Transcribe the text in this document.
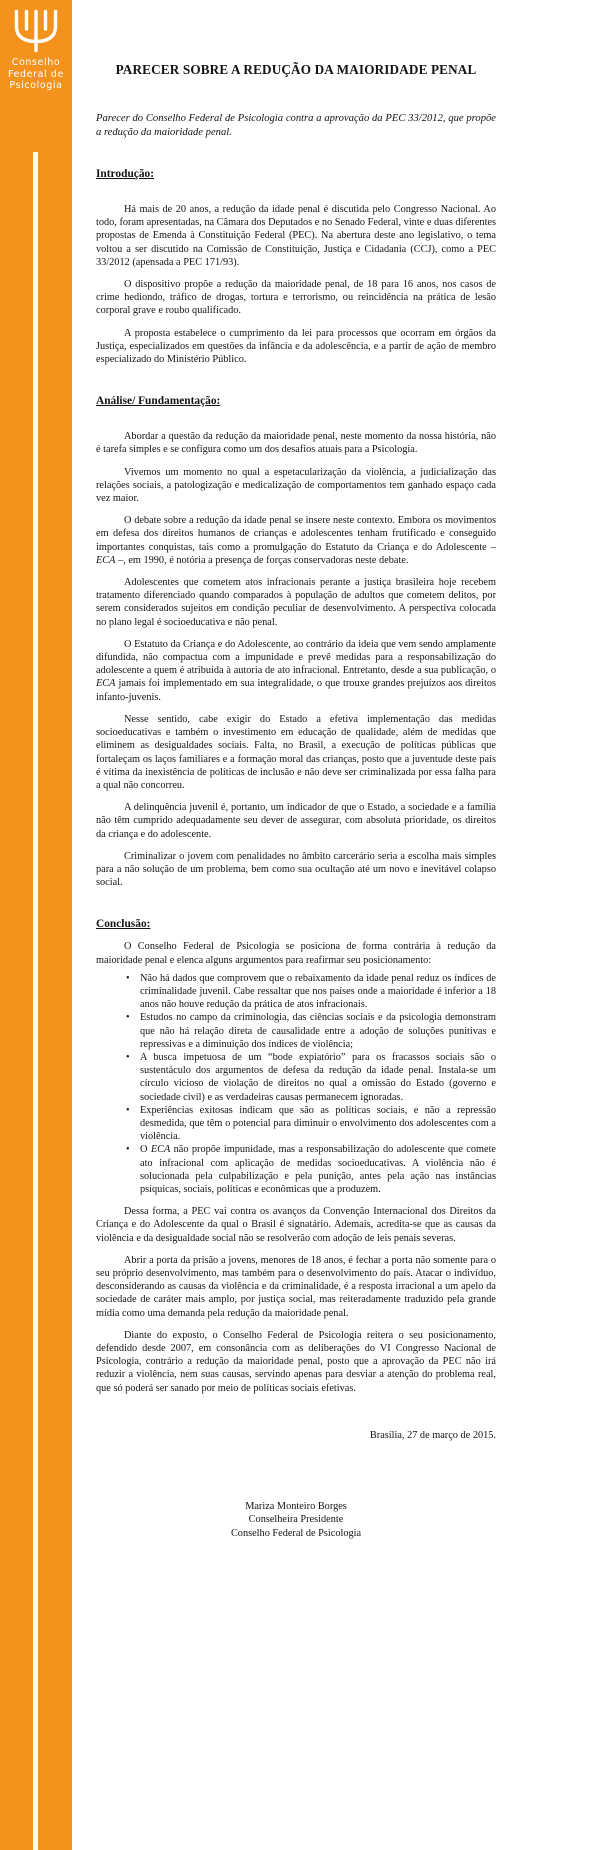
Conselho
Federal de
Psicologia
PARECER SOBRE A REDUÇÃO DA MAIORIDADE PENAL

Parecer do Conselho Federal de Psicologia contra a aprovação da PEC 33/2012, que propõe a redução da maioridade penal.

Introdução:

Há mais de 20 anos, a redução da idade penal é discutida pelo Congresso Nacional. Ao todo, foram apresentadas, na Câmara dos Deputados e no Senado Federal, vinte e duas diferentes propostas de Emenda à Constituição Federal (PEC). Na abertura deste ano legislativo, o tema voltou a ser discutido na Comissão de Constituição, Justiça e Cidadania (CCJ), como a PEC 33/2012 (apensada a PEC 171/93).

O dispositivo propõe a redução da maioridade penal, de 18 para 16 anos, nos casos de crime hediondo, tráfico de drogas, tortura e terrorismo, ou reincidência na prática de lesão corporal grave e roubo qualificado.

A proposta estabelece o cumprimento da lei para processos que ocorram em órgãos da Justiça, especializados em questões da infância e da adolescência, e a partir de ação de membro especializado do Ministério Público.

Análise/ Fundamentação:

Abordar a questão da redução da maioridade penal, neste momento da nossa história, não é tarefa simples e se configura como um dos desafios atuais para a Psicologia.

Vivemos um momento no qual a espetacularização da violência, a judicialização das relações sociais, a patologização e medicalização de comportamentos tem ganhado espaço cada vez maior.

O debate sobre a redução da idade penal se insere neste contexto. Embora os movimentos em defesa dos direitos humanos de crianças e adolescentes tenham frutificado e conseguido importantes conquistas, tais como a promulgação do Estatuto da Criança e do Adolescente – ECA –, em 1990, é notória a presença de forças conservadoras neste debate.

Adolescentes que cometem atos infracionais perante a justiça brasileira hoje recebem tratamento diferenciado quando comparados à população de adultos que cometem delitos, por serem considerados sujeitos em condição peculiar de desenvolvimento. A perspectiva colocada no plano legal é socioeducativa e não penal.

O Estatuto da Criança e do Adolescente, ao contrário da ideia que vem sendo amplamente difundida, não compactua com a impunidade e prevê medidas para a responsabilização do adolescente a quem é atribuída à autoria de ato infracional. Entretanto, desde a sua publicação, o ECA jamais foi implementado em sua integralidade, o que trouxe grandes prejuízos aos direitos infanto-juvenis.

Nesse sentido, cabe exigir do Estado a efetiva implementação das medidas socioeducativas e também o investimento em educação de qualidade, além de medidas que eliminem as desigualdades sociais. Falta, no Brasil, a execução de políticas públicas que fortaleçam os laços familiares e a formação moral das crianças, posto que a juventude deste país é vítima da inexistência de políticas de inclusão e não deve ser criminalizada por essa falha para a qual não concorreu.

A delinquência juvenil é, portanto, um indicador de que o Estado, a sociedade e a família não têm cumprido adequadamente seu dever de assegurar, com absoluta prioridade, os direitos da criança e do adolescente.

Criminalizar o jovem com penalidades no âmbito carcerário seria a escolha mais simples para a não solução de um problema, bem como sua ocultação até um novo e inevitável colapso social.

Conclusão:

O Conselho Federal de Psicologia se posiciona de forma contrária à redução da maioridade penal e elenca alguns argumentos para reafirmar seu posicionamento:

• Não há dados que comprovem que o rebaixamento da idade penal reduz os índices de criminalidade juvenil. Cabe ressaltar que nos países onde a maioridade é inferior a 18 anos não houve redução da prática de atos infracionais.
• Estudos no campo da criminologia, das ciências sociais e da psicologia demonstram que não há relação direta de causalidade entre a adoção de soluções punitivas e repressivas e a diminuição dos índices de violência;
• A busca impetuosa de um “bode expiatório” para os fracassos sociais são o sustentáculo dos argumentos de defesa da redução da idade penal. Instala-se um círculo vicioso de violação de direitos no qual a omissão do Estado (governo e sociedade civil) e as verdadeiras causas permanecem ignoradas.
• Experiências exitosas indicam que são as políticas sociais, e não a repressão desmedida, que têm o potencial para diminuir o envolvimento dos adolescentes com a violência.
• O ECA não propõe impunidade, mas a responsabilização do adolescente que comete ato infracional com aplicação de medidas socioeducativas. A violência não é solucionada pela culpabilização e pela punição, antes pela ação nas instâncias psíquicas, sociais, políticas e econômicas que a produzem.

Dessa forma, a PEC vai contra os avanços da Convenção Internacional dos Direitos da Criança e do Adolescente da qual o Brasil é signatário. Ademais, acredita-se que as causas da violência e da desigualdade social não se resolverão com adoção de leis penais severas.

Abrir a porta da prisão a jovens, menores de 18 anos, é fechar a porta não somente para o seu próprio desenvolvimento, mas também para o desenvolvimento do país. Atacar o indivíduo, desconsiderando as causas da violência e da criminalidade, é a resposta irracional a um apelo da sociedade de caráter mais amplo, por justiça social, mas reiteradamente traduzido pela grande mídia como uma demanda pela redução da maioridade penal.

Diante do exposto, o Conselho Federal de Psicologia reitera o seu posicionamento, defendido desde 2007, em consonância com as deliberações do VI Congresso Nacional de Psicologia, contrário a redução da maioridade penal, posto que a aprovação da PEC não irá reduzir a violência, nem suas causas, servindo apenas para desviar a atenção do problema real, que só poderá ser sanado por meio de políticas sociais efetivas.

Brasília, 27 de março de 2015.

Mariza Monteiro Borges

Conselheira Presidente

Conselho Federal de Psicologia
